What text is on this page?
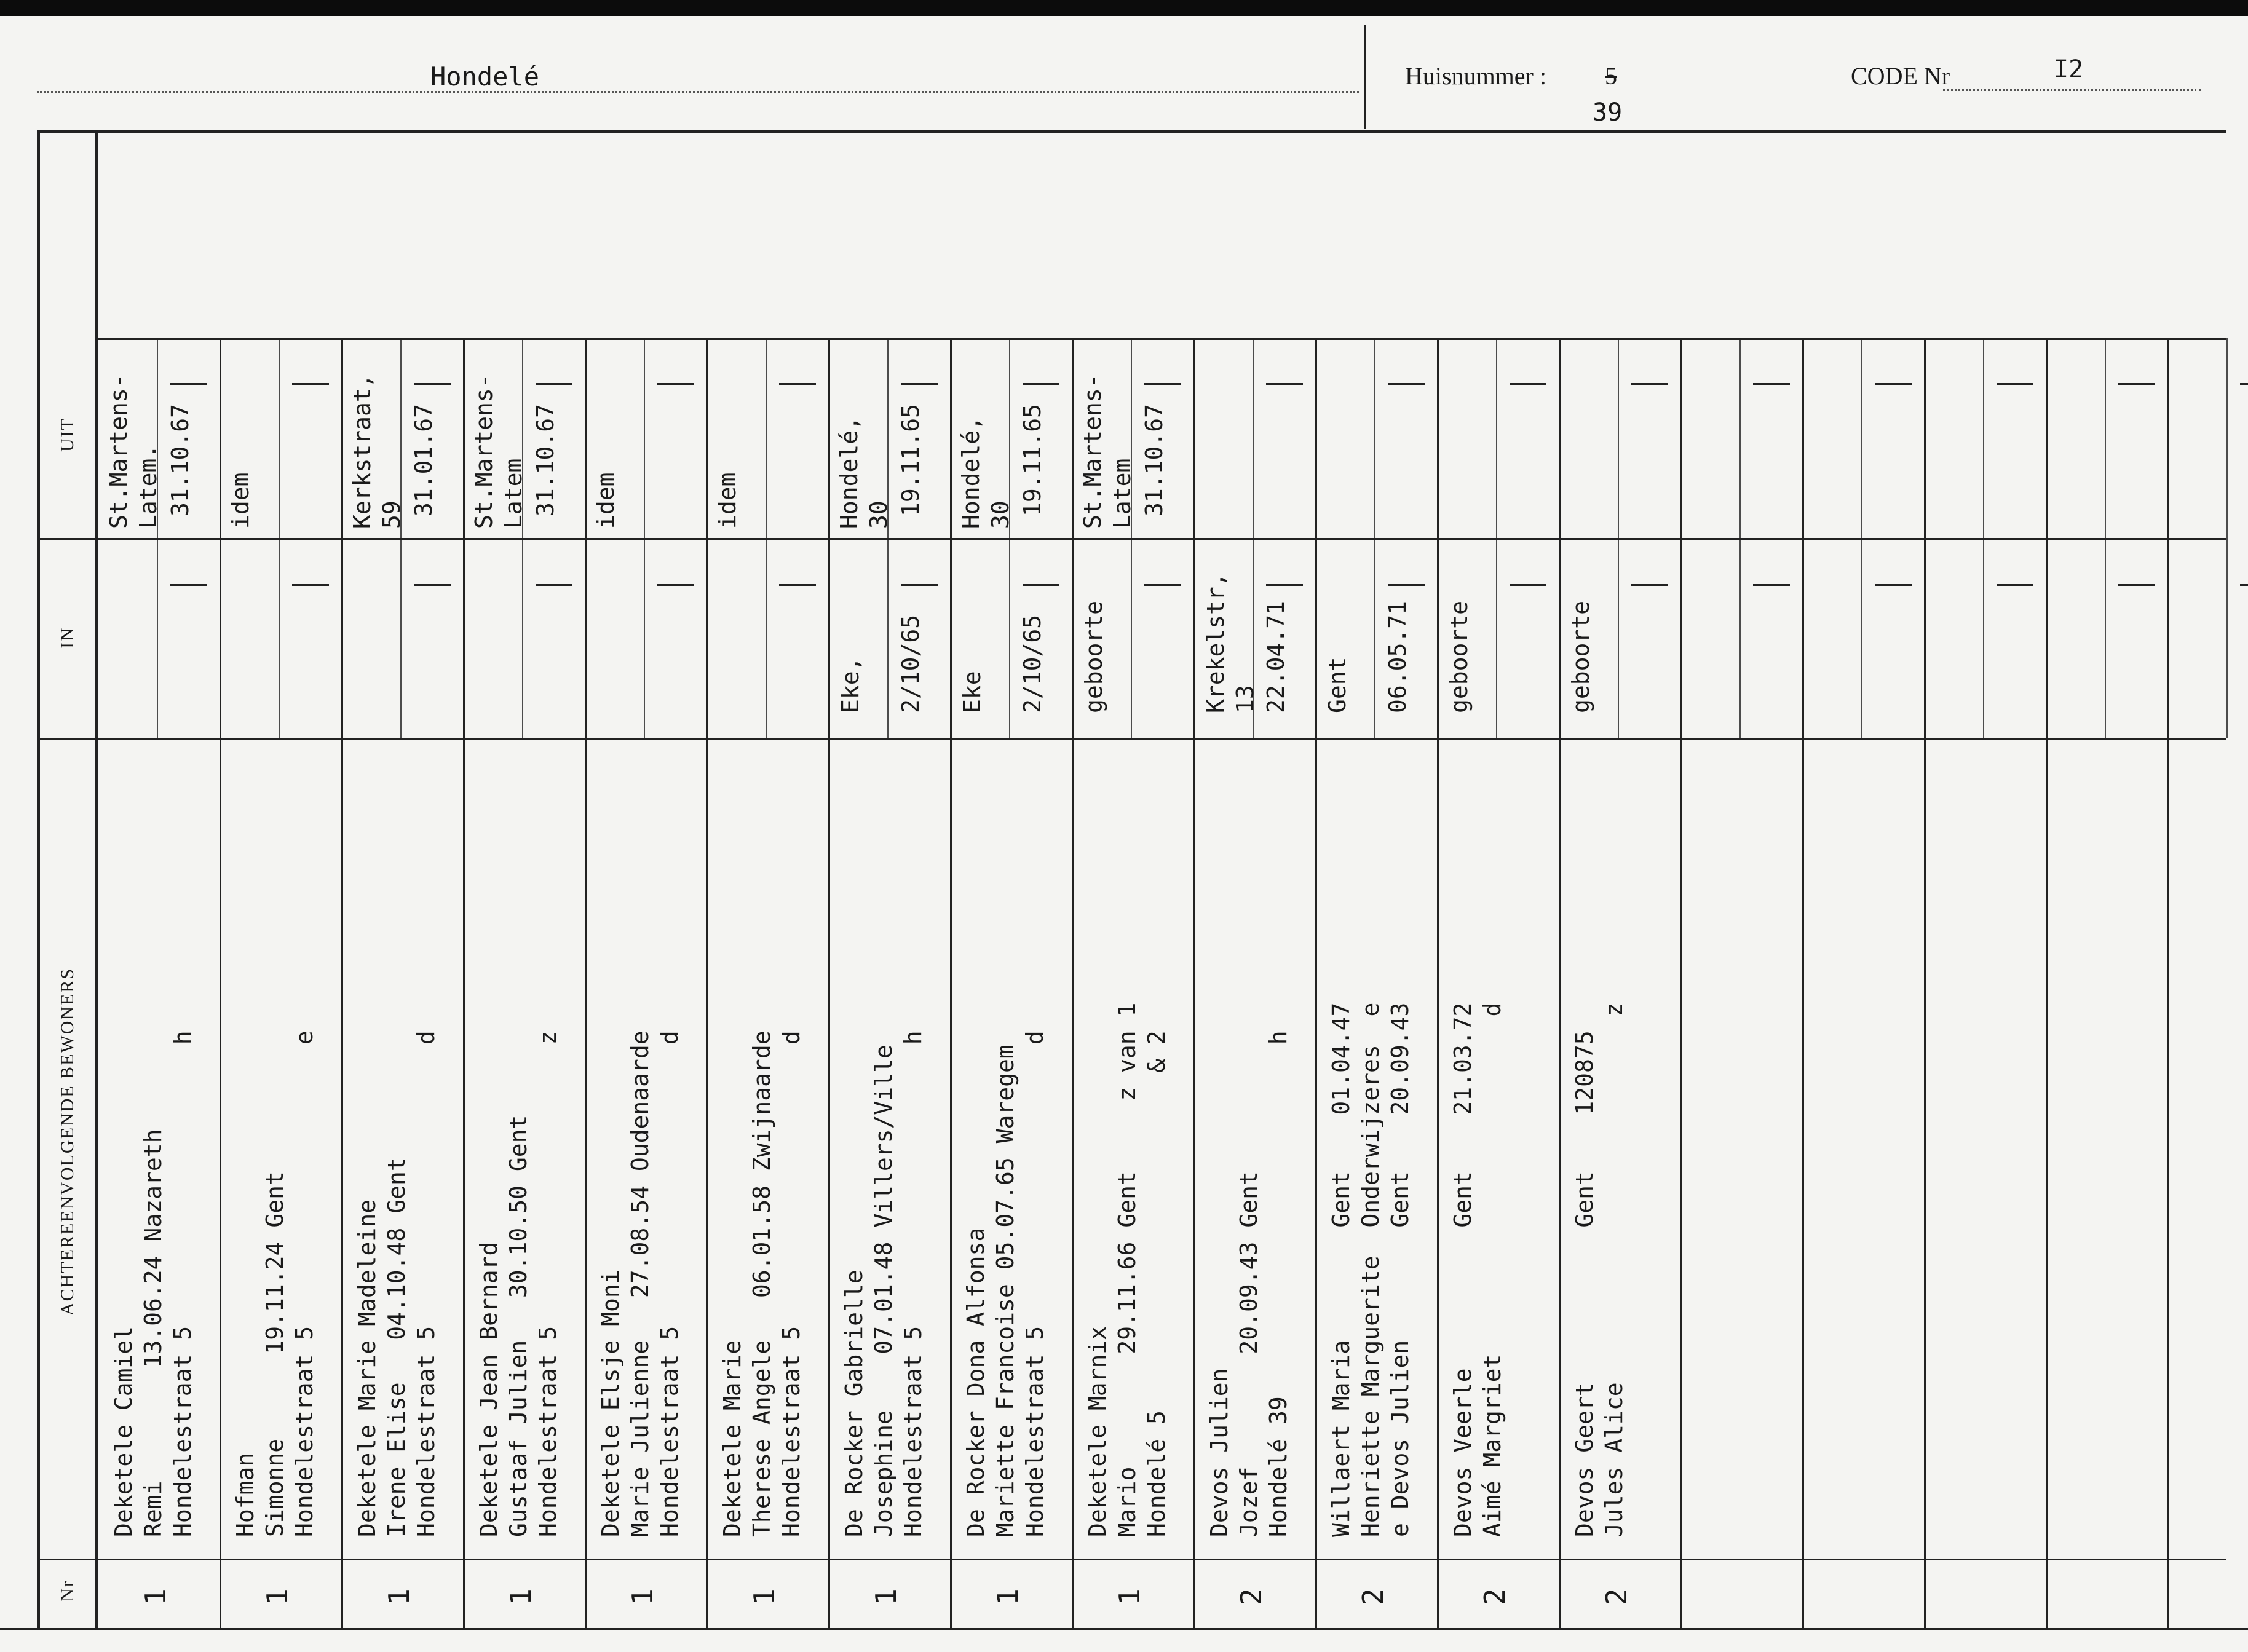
Hondelé	Huisnummer : 5
39
CODE Nr	I2
UIT
IN
ACHTEREENVOLGENDE BEWONERS
Nr
Deketele Camiel
Remi        13.06.24 Nazareth
Hondelestraat 5                    h
St.Martens-
Latem. 31.10.67
1
Hofman
Simonne      19.11.24 Gent
Hondelestraat 5                    e
idem
1
Deketele Marie Madeleine
Irene Elise   04.10.48 Gent
Hondelestraat 5                    d
Kerkstraat,
59 31.01.67
1
Deketele Jean Bernard
Gustaaf Julien   30.10.50 Gent
Hondelestraat 5                    z
St.Martens-
Latem 31.10.67
1
Deketele Elsje Moni
Marie Julienne   27.08.54 Oudenaarde
Hondelestraat 5                    d
idem
1
Deketele Marie
Therese Angele   06.01.58 Zwijnaarde
Hondelestraat 5                    d
idem
1
De Rocker Gabrielle
Josephine    07.01.48 Villers/Ville
Hondelestraat 5                    h
Eke, 2/10/65
Hondelé,
30 19.11.65
1
De Rocker Dona Alfonsa
Mariette Francoise 05.07.65 Waregem
Hondelestraat 5                    d
Eke 2/10/65
Hondelé,
30 19.11.65
1
Deketele Marnix
Mario        29.11.66 Gent     z van 1
Hondelé 5                        & 2
geboorte
St.Martens-
Latem 31.10.67
1
Devos Julien
Jozef        20.09.43 Gent
Hondelé 39                         h
Krekelstr,
13 22.04.71
2
Willaert Maria        Gent    01.04.47
Henriette Marguerite  Onderwijzeres  e
e Devos Julien        Gent    20.09.43
Gent 06.05.71
2
Devos Veerle          Gent    21.03.72
Aimé Margriet                        d
geboorte
2
Devos Geert           Gent    120875
Jules Alice                          z
geboorte
2
